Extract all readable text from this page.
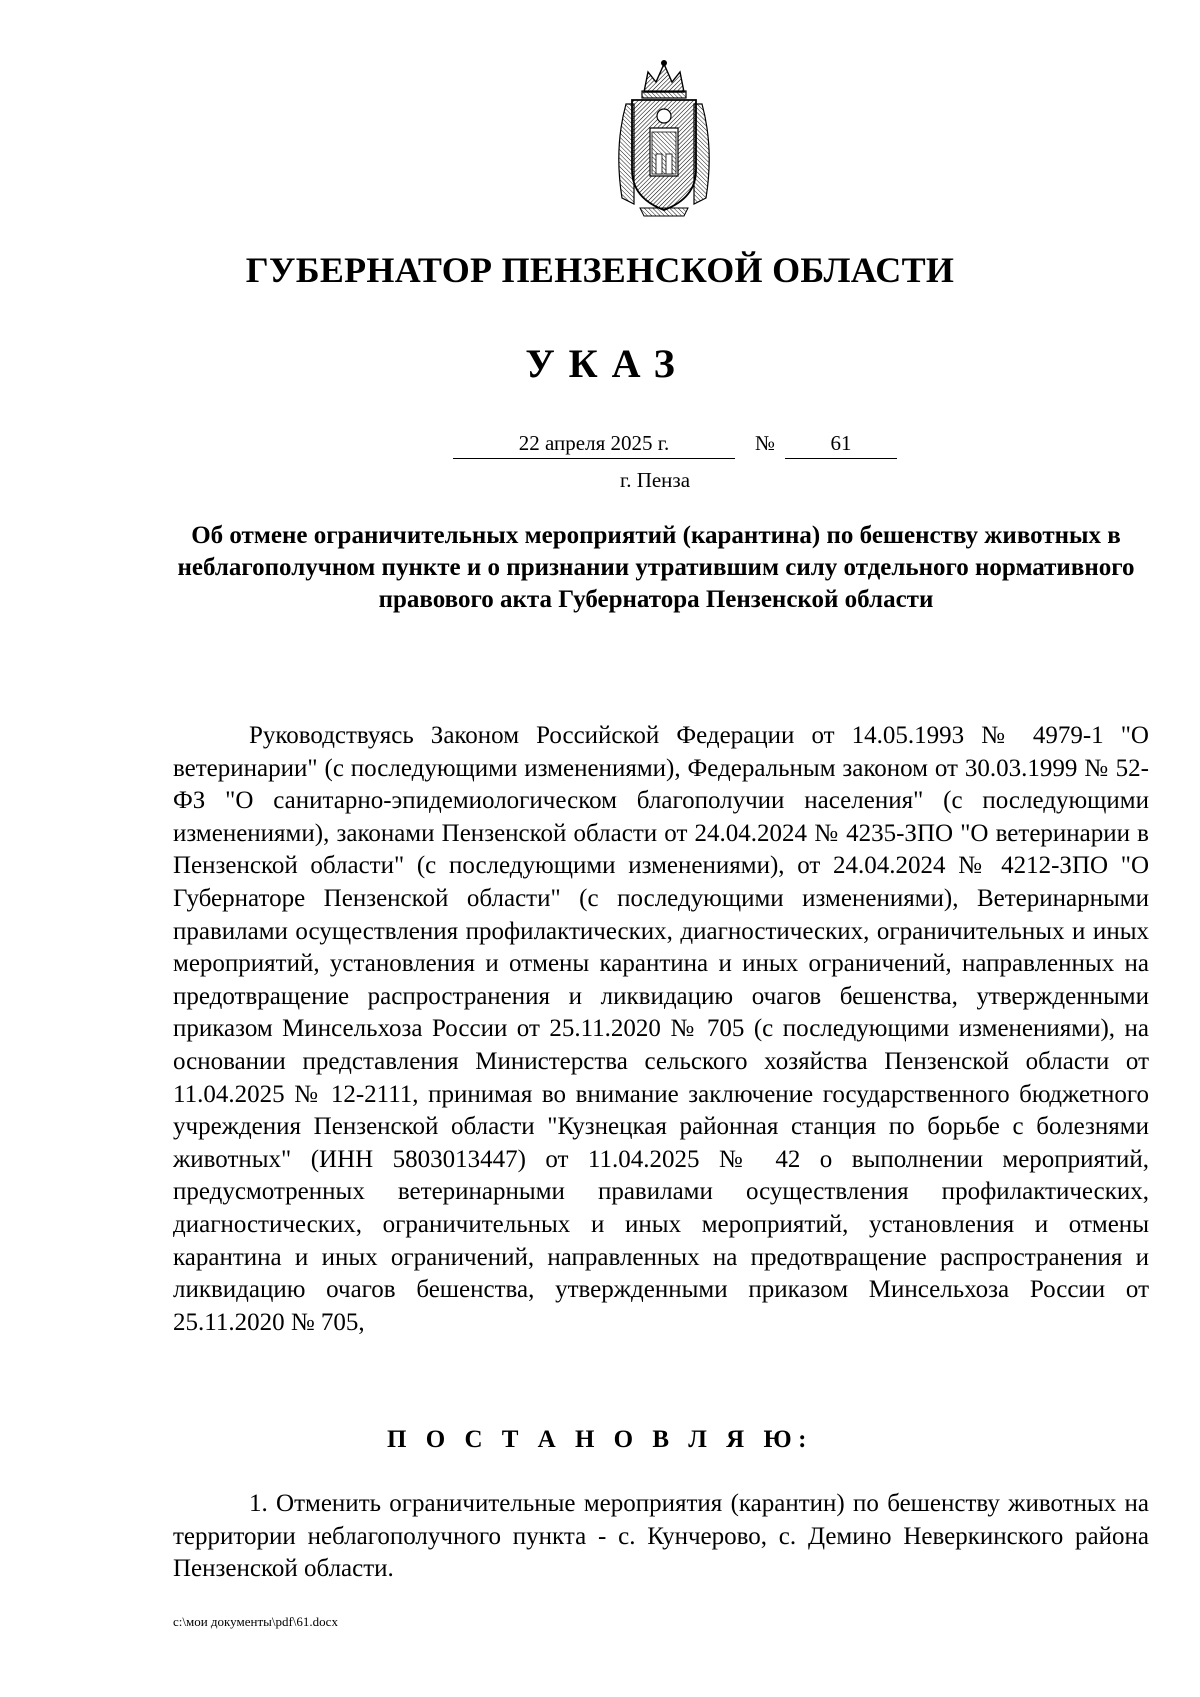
ГУБЕРНАТОР ПЕНЗЕНСКОЙ ОБЛАСТИ
УКАЗ
22 апреля 2025 г.	№	61
г. Пенза
Об отмене ограничительных мероприятий (карантина) по бешенству животных в неблагополучном пункте и о признании утратившим силу отдельного нормативного правового акта Губернатора Пензенской области
Руководствуясь Законом Российской Федерации от 14.05.1993 № 4979-1 "О ветеринарии" (с последующими изменениями), Федеральным законом от 30.03.1999 № 52-ФЗ "О санитарно-эпидемиологическом благополучии населения" (с последующими изменениями), законами Пензенской области от 24.04.2024 № 4235-ЗПО "О ветеринарии в Пензенской области" (с последующими изменениями), от 24.04.2024 № 4212-ЗПО "О Губернаторе Пензенской области" (с последующими изменениями), Ветеринарными правилами осуществления профилактических, диагностических, ограничительных и иных мероприятий, установления и отмены карантина и иных ограничений, направленных на предотвращение распространения и ликвидацию очагов бешенства, утвержденными приказом Минсельхоза России от 25.11.2020 № 705 (с последующими изменениями), на основании представления Министерства сельского хозяйства Пензенской области от 11.04.2025 № 12-2111, принимая во внимание заключение государственного бюджетного учреждения Пензенской области "Кузнецкая районная станция по борьбе с болезнями животных" (ИНН 5803013447) от 11.04.2025 № 42 о выполнении мероприятий, предусмотренных ветеринарными правилами осуществления профилактических, диагностических, ограничительных и иных мероприятий, установления и отмены карантина и иных ограничений, направленных на предотвращение распространения и ликвидацию очагов бешенства, утвержденными приказом Минсельхоза России от 25.11.2020 № 705,
П О С Т А Н О В Л Я Ю:
1. Отменить ограничительные мероприятия (карантин) по бешенству животных на территории неблагополучного пункта - с. Кунчерово, с. Демино Неверкинского района Пензенской области.
c:\мои документы\pdf\61.docx
